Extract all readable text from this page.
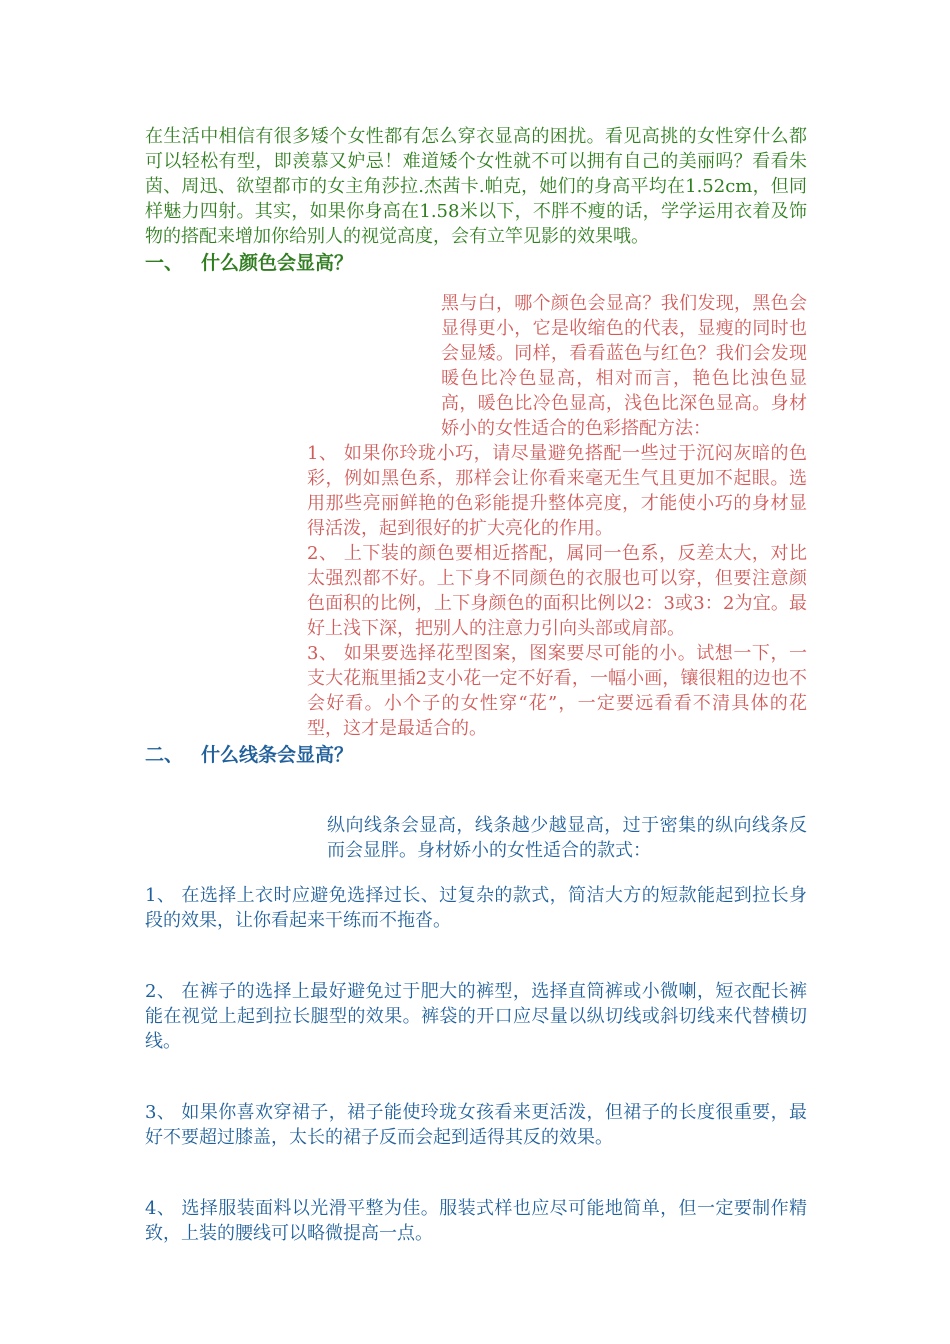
在生活中相信有很多矮个女性都有怎么穿衣显高的困扰。看见高挑的女性穿什么都可以轻松有型，即羡慕又妒忌！难道矮个女性就不可以拥有自己的美丽吗？看看朱茵、周迅、欲望都市的女主角莎拉.杰茜卡.帕克，她们的身高平均在1.52cm，但同样魅力四射。其实，如果你身高在1.58米以下，不胖不瘦的话，学学运用衣着及饰物的搭配来增加你给别人的视觉高度，会有立竿见影的效果哦。

一、 什么颜色会显高？

黑与白，哪个颜色会显高？我们发现，黑色会显得更小，它是收缩色的代表，显瘦的同时也会显矮。同样，看看蓝色与红色？我们会发现暖色比冷色显高，相对而言，艳色比浊色显高，暖色比冷色显高，浅色比深色显高。身材娇小的女性适合的色彩搭配方法：

1、 如果你玲珑小巧，请尽量避免搭配一些过于沉闷灰暗的色彩，例如黑色系，那样会让你看来毫无生气且更加不起眼。选用那些亮丽鲜艳的色彩能提升整体亮度，才能使小巧的身材显得活泼，起到很好的扩大亮化的作用。

2、 上下装的颜色要相近搭配，属同一色系，反差太大，对比太强烈都不好。上下身不同颜色的衣服也可以穿，但要注意颜色面积的比例，上下身颜色的面积比例以2：3或3：2为宜。最好上浅下深，把别人的注意力引向头部或肩部。

3、 如果要选择花型图案，图案要尽可能的小。试想一下，一支大花瓶里插2支小花一定不好看，一幅小画，镶很粗的边也不会好看。小个子的女性穿“花”，一定要远看看不清具体的花型，这才是最适合的。

二、 什么线条会显高？

纵向线条会显高，线条越少越显高，过于密集的纵向线条反而会显胖。身材娇小的女性适合的款式：

1、 在选择上衣时应避免选择过长、过复杂的款式，简洁大方的短款能起到拉长身段的效果，让你看起来干练而不拖沓。

2、 在裤子的选择上最好避免过于肥大的裤型，选择直筒裤或小微喇，短衣配长裤能在视觉上起到拉长腿型的效果。裤袋的开口应尽量以纵切线或斜切线来代替横切线。

3、 如果你喜欢穿裙子，裙子能使玲珑女孩看来更活泼，但裙子的长度很重要，最好不要超过膝盖，太长的裙子反而会起到适得其反的效果。

4、 选择服装面料以光滑平整为佳。服装式样也应尽可能地简单，但一定要制作精致，上装的腰线可以略微提高一点。
